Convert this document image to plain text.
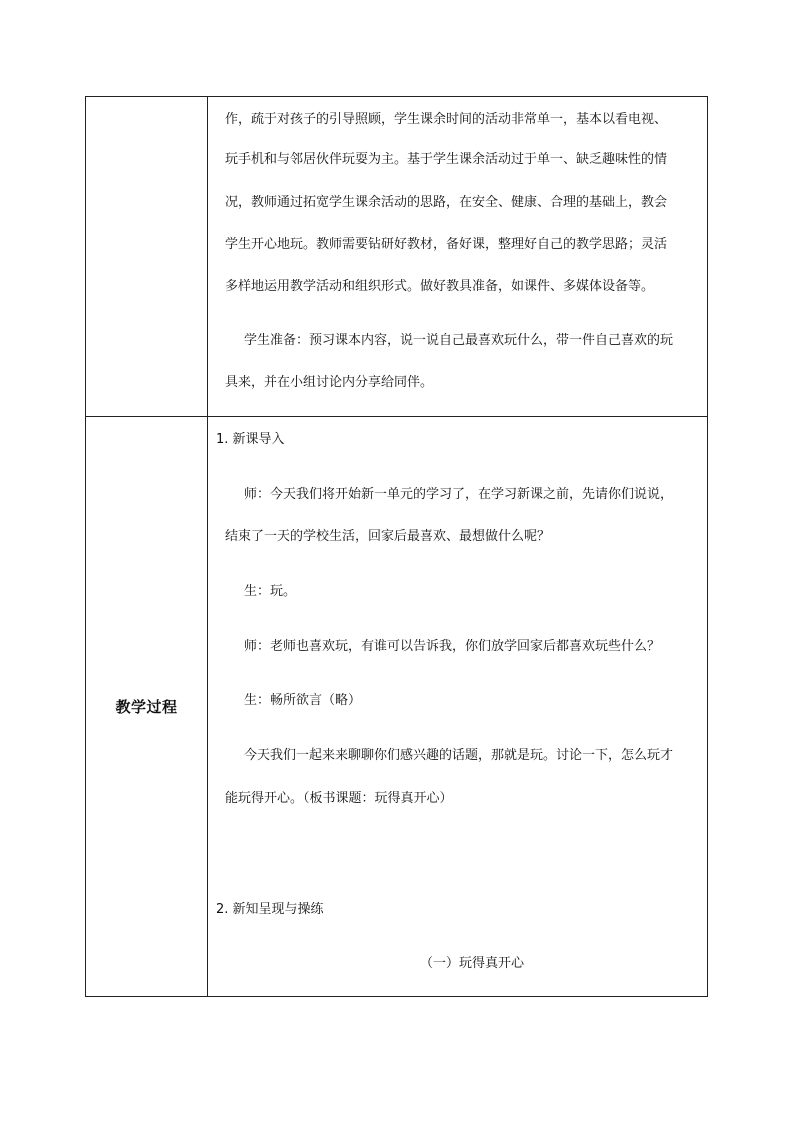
作，疏于对孩子的引导照顾，学生课余时间的活动非常单一，基本以看电视、
玩手机和与邻居伙伴玩耍为主。基于学生课余活动过于单一、缺乏趣味性的情
况，教师通过拓宽学生课余活动的思路，在安全、健康、合理的基础上，教会
学生开心地玩。教师需要钻研好教材，备好课，整理好自己的教学思路；灵活
多样地运用教学活动和组织形式。做好教具准备，如课件、多媒体设备等。
学生准备：预习课本内容，说一说自己最喜欢玩什么，带一件自己喜欢的玩
具来，并在小组讨论内分享给同伴。
教学过程
1. 新课导入
师：今天我们将开始新一单元的学习了，在学习新课之前，先请你们说说，
结束了一天的学校生活，回家后最喜欢、最想做什么呢？
生：玩。
师：老师也喜欢玩，有谁可以告诉我，你们放学回家后都喜欢玩些什么？
生：畅所欲言（略）
今天我们一起来来聊聊你们感兴趣的话题，那就是玩。讨论一下，怎么玩才
能玩得开心。（板书课题：玩得真开心）
2. 新知呈现与操练
（一）玩得真开心
